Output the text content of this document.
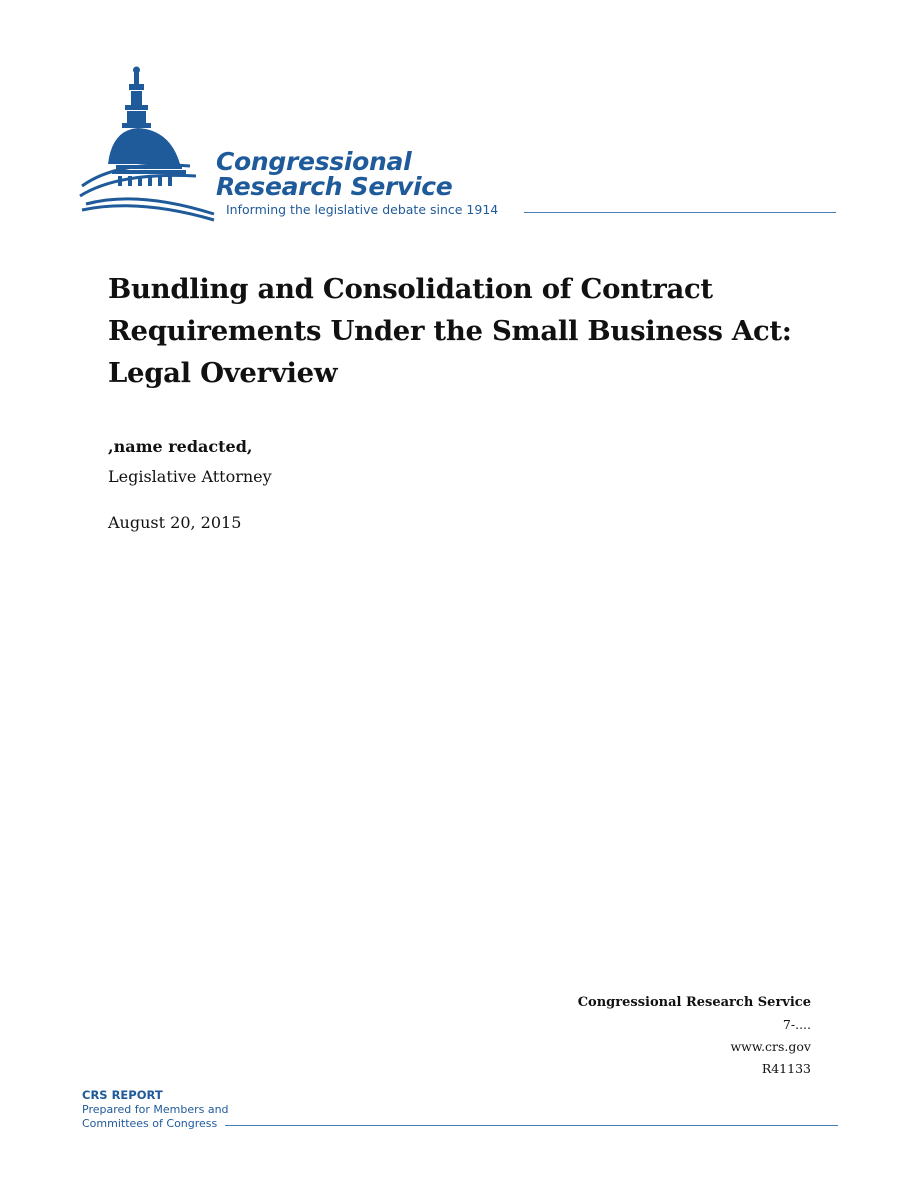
Congressional
Research Service
Informing the legislative debate since 1914
Bundling and Consolidation of Contract Requirements Under the Small Business Act: Legal Overview
,name redacted,
Legislative Attorney
August 20, 2015
Congressional Research Service
7-....
www.crs.gov
R41133
CRS REPORT
Prepared for Members and
Committees of Congress
